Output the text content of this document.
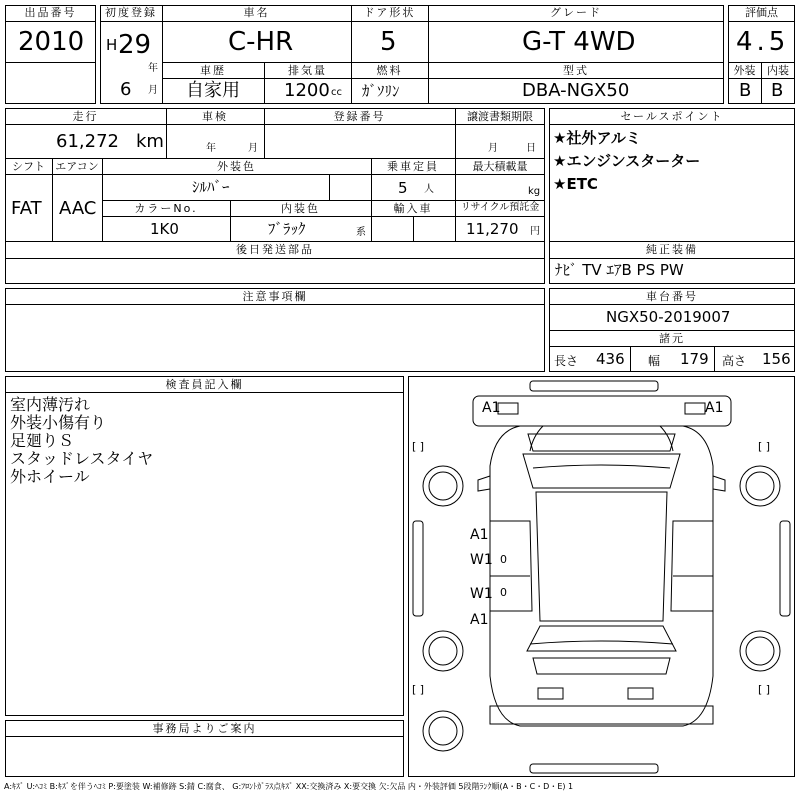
出品番号
2010
初度登録
H 29
年
6 月
車名
C-HR
ドア形状
5
グレード
G-T 4WD
車歴
自家用
排気量
1200 cc
燃料
ｶﾞｿﾘﾝ
型式
DBA-NGX50
評価点
4.5
外装	内装
B B
走行
61,272 km
車検
年	月
登録番号	譲渡書類期限
月	日
シフト
FAT
エアコン
AAC
外装色
ｼﾙﾊﾞｰ
乗車定員
5 人
最大積載量
kg
カラーNo.
1K0
内装色
ﾌﾞﾗｯｸ	系
輸入車	リサイクル預託金
11,270 円
後日発送部品
セールスポイント
★社外アルミ
★エンジンスターター
★ETC
純正装備
ﾅﾋﾞ TV ｴｱB PS PW
注意事項欄	車台番号
NGX50-2019007
諸元
長さ 436 幅 179 高さ 156
検査員記入欄
室内薄汚れ
外装小傷有り
足廻りＳ
スタッドレスタイヤ
外ホイール
事務局よりご案内
A1	A1
[ ]	[ ]
[ ]	[ ]
A1
W1 0
W1 0
A1
A:ｷｽﾞ U:ﾍｺﾐ B:ｷｽﾞを伴うﾍｺﾐ P:要塗装 W:補修跡 S:錆 C:腐食、 G:ﾌﾛﾝﾄｶﾞﾗｽ点ｷｽﾞ XX:交換済み X:要交換 欠:欠品 内・外装評価 5段階ﾗﾝｸ順(A・B・C・D・E) 1
